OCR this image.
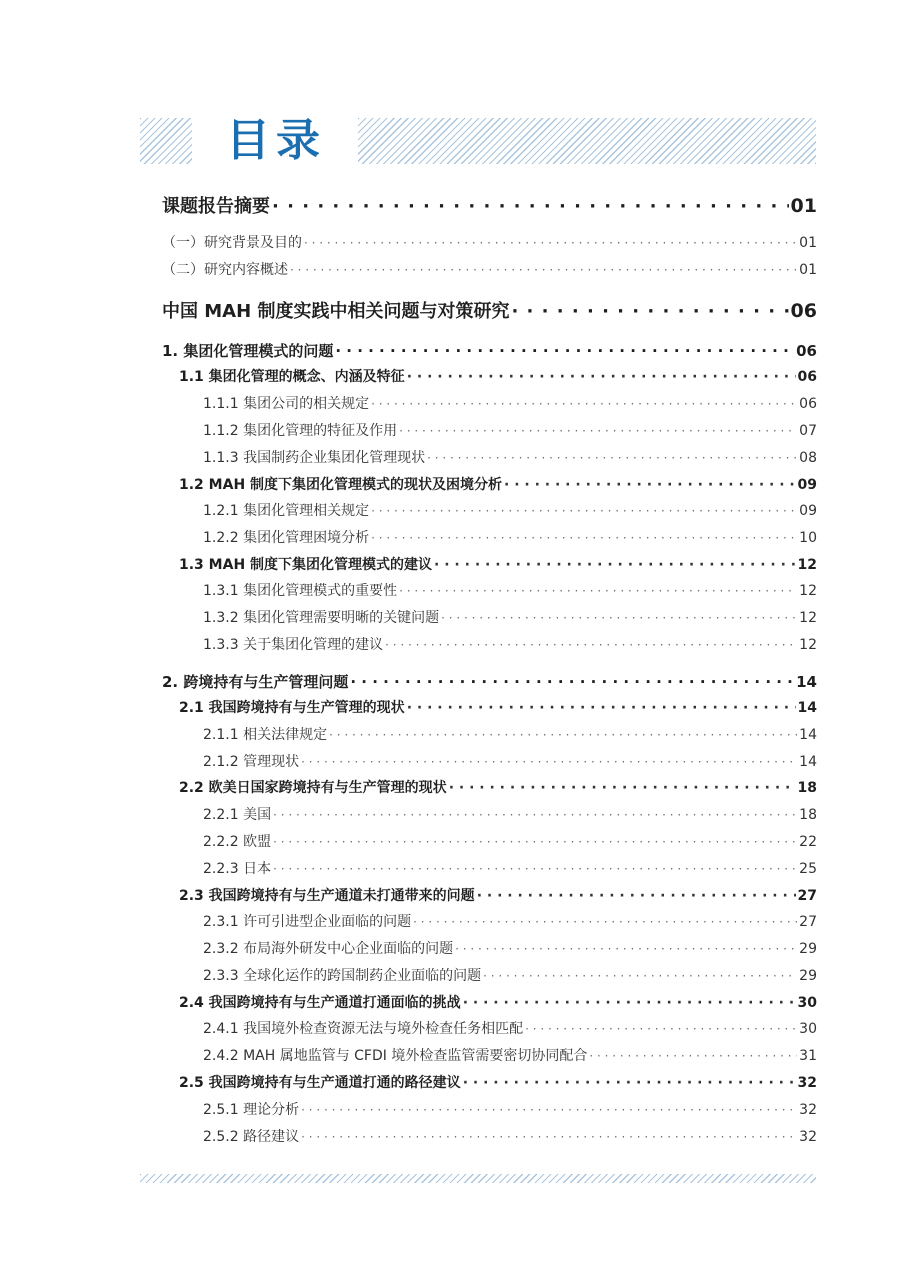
目录
课题报告摘要 · · ·	01
（一）研究背景及目的 · · ·	01
（二）研究内容概述 · · ·	01
中国 MAH 制度实践中相关问题与对策研究 · · ·	06
1. 集团化管理模式的问题 · · ·	06
1.1 集团化管理的概念、内涵及特征 · · ·	06
1.1.1 集团公司的相关规定 · · ·	06
1.1.2 集团化管理的特征及作用 · · ·	07
1.1.3 我国制药企业集团化管理现状 · · ·	08
1.2 MAH 制度下集团化管理模式的现状及困境分析 · · ·	09
1.2.1 集团化管理相关规定 · · ·	09
1.2.2 集团化管理困境分析 · · ·	10
1.3 MAH 制度下集团化管理模式的建议 · · ·	12
1.3.1 集团化管理模式的重要性 · · ·	12
1.3.2 集团化管理需要明晰的关键问题 · · ·	12
1.3.3 关于集团化管理的建议 · · ·	12
2. 跨境持有与生产管理问题 · · ·	14
2.1 我国跨境持有与生产管理的现状 · · ·	14
2.1.1 相关法律规定 · · ·	14
2.1.2 管理现状 · · ·	14
2.2 欧美日国家跨境持有与生产管理的现状 · · ·	18
2.2.1 美国 · · ·	18
2.2.2 欧盟 · · ·	22
2.2.3 日本 · · ·	25
2.3 我国跨境持有与生产通道未打通带来的问题 · · ·	27
2.3.1 许可引进型企业面临的问题 · · ·	27
2.3.2 布局海外研发中心企业面临的问题 · · ·	29
2.3.3 全球化运作的跨国制药企业面临的问题 · · ·	29
2.4 我国跨境持有与生产通道打通面临的挑战 · · ·	30
2.4.1 我国境外检查资源无法与境外检查任务相匹配 · · ·	30
2.4.2 MAH 属地监管与 CFDI 境外检查监管需要密切协同配合 · · ·	31
2.5 我国跨境持有与生产通道打通的路径建议 · · ·	32
2.5.1 理论分析 · · ·	32
2.5.2 路径建议 · · ·	32
